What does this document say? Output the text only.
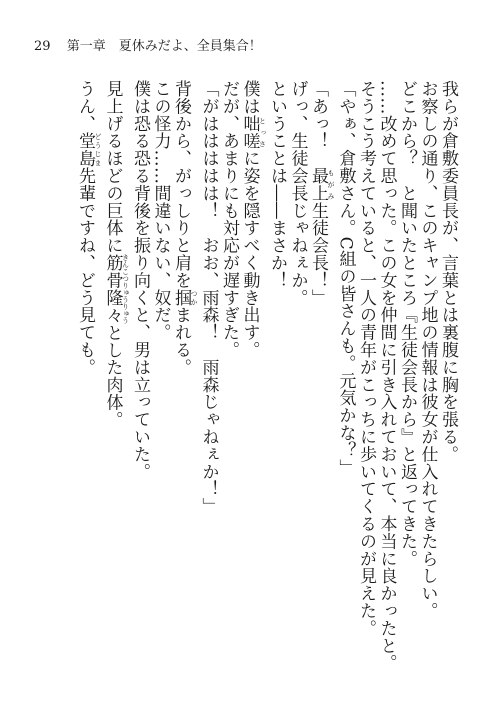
29 第一章　夏休みだよ、全員集合！
我らが倉敷委員長が、言葉とは裏腹に胸を張る。
お察しの通り、このキャンプ地の情報は彼女が仕入れてきたらしい。
どこから？　と聞いたところ『生徒会長から』と返ってきた。
……改めて思った。この女を仲間に引き入れておいて、本当に良かったと。
そうこう考えていると、一人の青年がこっちに歩いてくるのが見えた。
「やぁ、倉敷さん。C組の皆さんも。元気かな？」
「あっ！　最上 もがみ生徒会長！」
げっ、生徒会長じゃねぇか。
ということは――まさか！
僕は咄嗟 とっさに姿を隠すべく動き出す。
だが、あまりにも対応が遅すぎた。
「がははははは！　おお、雨森！　雨森じゃねぇか！」
背後から、がっしりと肩を掴 つかまれる。
この怪力……間違いない、奴だ。
僕は恐る恐る背後を振り向くと、男は立っていた。
見上げるほどの巨体に筋骨隆々 きんこつりゅうりゅうとした肉体。
うん、堂島 どうじま先輩ですね、どう見ても。
